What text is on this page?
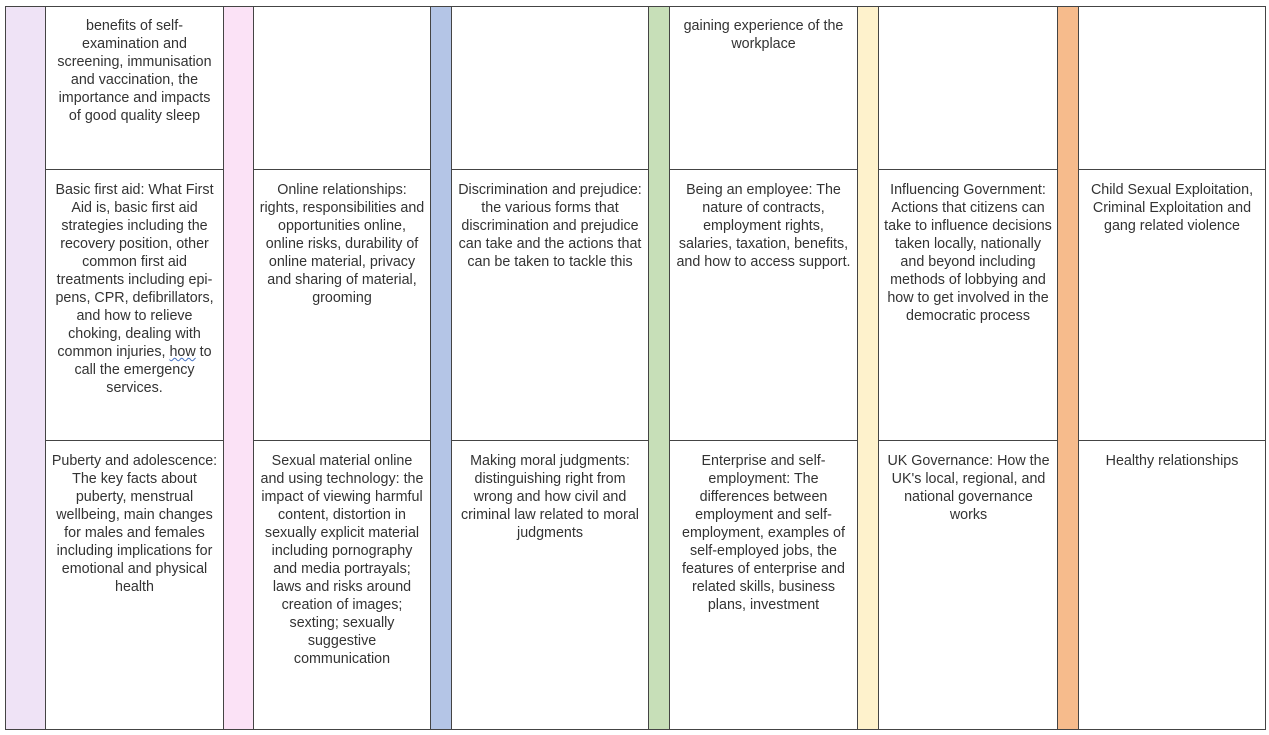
benefits of self-examination and screening, immunisation and vaccination, the importance and impacts of good quality sleep
Basic first aid: What First Aid is, basic first aid strategies including the recovery position, other common first aid treatments including epi-pens, CPR, defibrillators, and how to relieve choking, dealing with common injuries, how to call the emergency services.
Puberty and adolescence: The key facts about puberty, menstrual wellbeing, main changes for males and females including implications for emotional and physical health
Online relationships: rights, responsibilities and opportunities online, online risks, durability of online material, privacy and sharing of material, grooming
Sexual material online and using technology: the impact of viewing harmful content, distortion in sexually explicit material including pornography and media portrayals; laws and risks around creation of images; sexting; sexually suggestive communication
Discrimination and prejudice: the various forms that discrimination and prejudice can take and the actions that can be taken to tackle this
Making moral judgments: distinguishing right from wrong and how civil and criminal law related to moral judgments
gaining experience of the workplace
Being an employee: The nature of contracts, employment rights, salaries, taxation, benefits, and how to access support.
Enterprise and self-employment: The differences between employment and self-employment, examples of self-employed jobs, the features of enterprise and related skills, business plans, investment
Influencing Government: Actions that citizens can take to influence decisions taken locally, nationally and beyond including methods of lobbying and how to get involved in the democratic process
UK Governance: How the UK's local, regional, and national governance works
Child Sexual Exploitation, Criminal Exploitation and gang related violence
Healthy relationships
